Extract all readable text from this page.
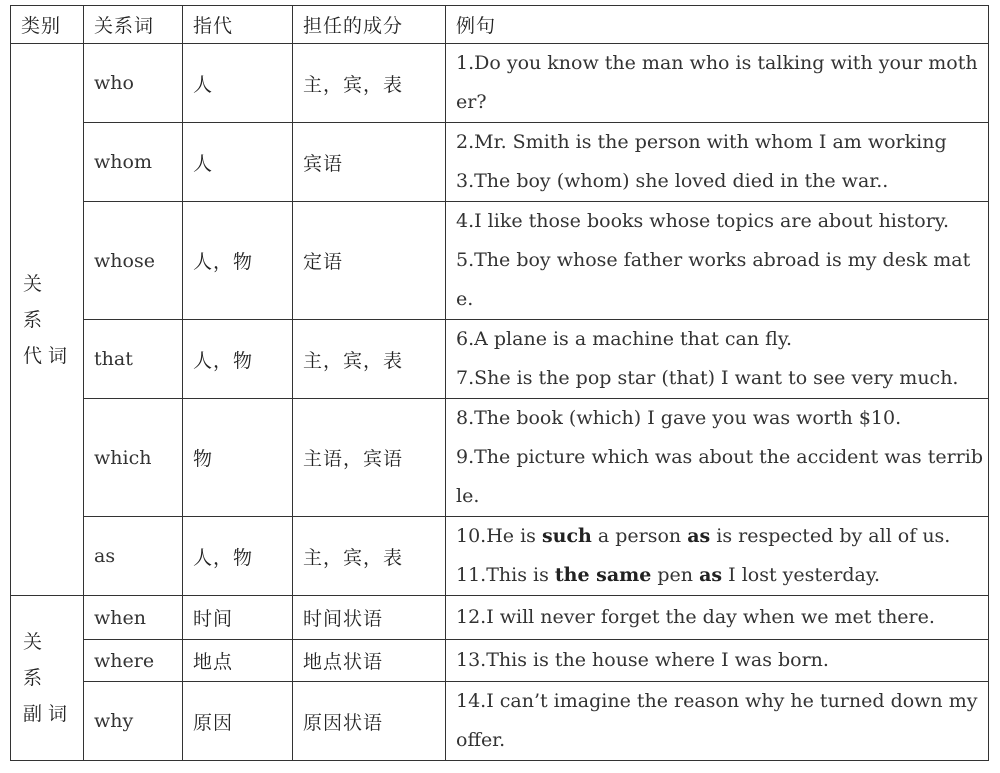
类别	关系词	指代	担任的成分	例句
关 系
代词	who	人	主，宾，表	1.Do you know the man who is talking with your mother?

	whom	人	宾语	2.Mr. Smith is the person with whom I am working
3.The boy (whom) she loved died in the war..

	whose	人，物	定语	4.I like those books whose topics are about history.
5.The boy whose father works abroad is my desk mate.

	that	人，物	主，宾，表	6.A plane is a machine that can fly.
7.She is the pop star (that) I want to see very much.

	which	物	主语，宾语	8.The book (which) I gave you was worth $10.
9.The picture which was about the accident was terrible.

	as	人，物	主，宾，表	10.He is such a person as is respected by all of us.
11.This is the same pen as I lost yesterday.

关 系
副词	when	时间	时间状语	12.I will never forget the day when we met there.

	where	地点	地点状语	13.This is the house where I was born.

	why	原因	原因状语	14.I can’t imagine the reason why he turned down my offer.
